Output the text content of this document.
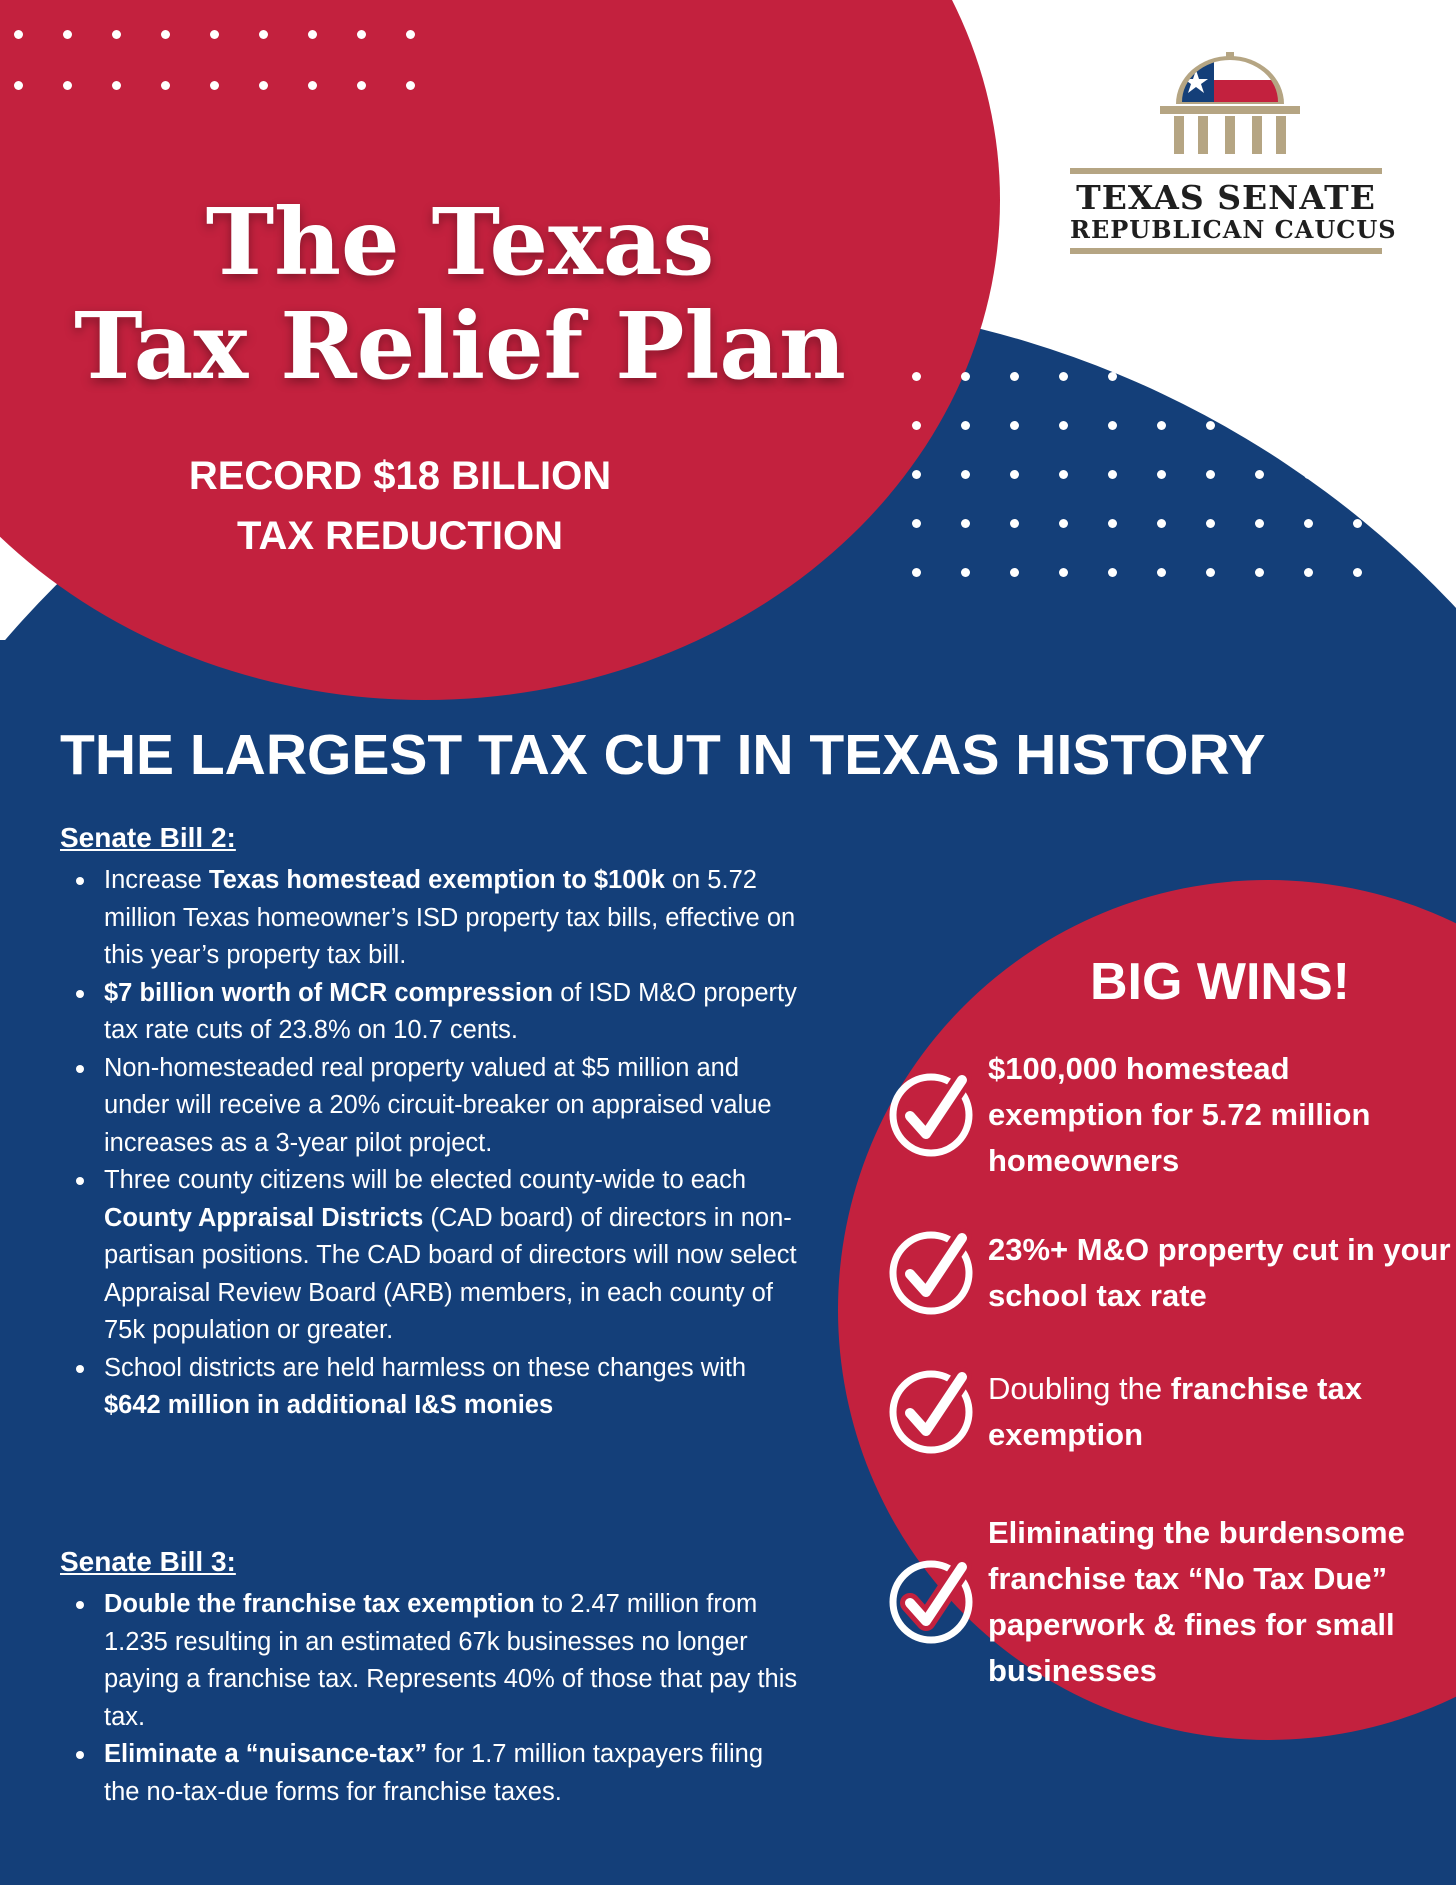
TEXAS SENATE
REPUBLICAN CAUCUS
The Texas
Tax Relief Plan
RECORD $18 BILLION
TAX REDUCTION
THE LARGEST TAX CUT IN TEXAS HISTORY
Senate Bill 2:
Increase Texas homestead exemption to $100k on 5.72 million Texas homeowner’s ISD property tax bills, effective on this year’s property tax bill.
$7 billion worth of MCR compression of ISD M&O property tax rate cuts of 23.8% on 10.7 cents.
Non-homesteaded real property valued at $5 million and under will receive a 20% circuit-breaker on appraised value increases as a 3-year pilot project.
Three county citizens will be elected county-wide to each County Appraisal Districts (CAD board) of directors in non-partisan positions. The CAD board of directors will now select Appraisal Review Board (ARB) members, in each county of 75k population or greater.
School districts are held harmless on these changes with $642 million in additional I&S monies
Senate Bill 3:
Double the franchise tax exemption to 2.47 million from 1.235 resulting in an estimated 67k businesses no longer paying a franchise tax. Represents 40% of those that pay this tax.
Eliminate a “nuisance-tax” for 1.7 million taxpayers filing the no-tax-due forms for franchise taxes.
BIG WINS!
$100,000 homestead exemption for 5.72 million homeowners
23%+ M&O property cut in your school tax rate
Doubling the franchise tax exemption
Eliminating the burdensome franchise tax “No Tax Due” paperwork & fines for small businesses
